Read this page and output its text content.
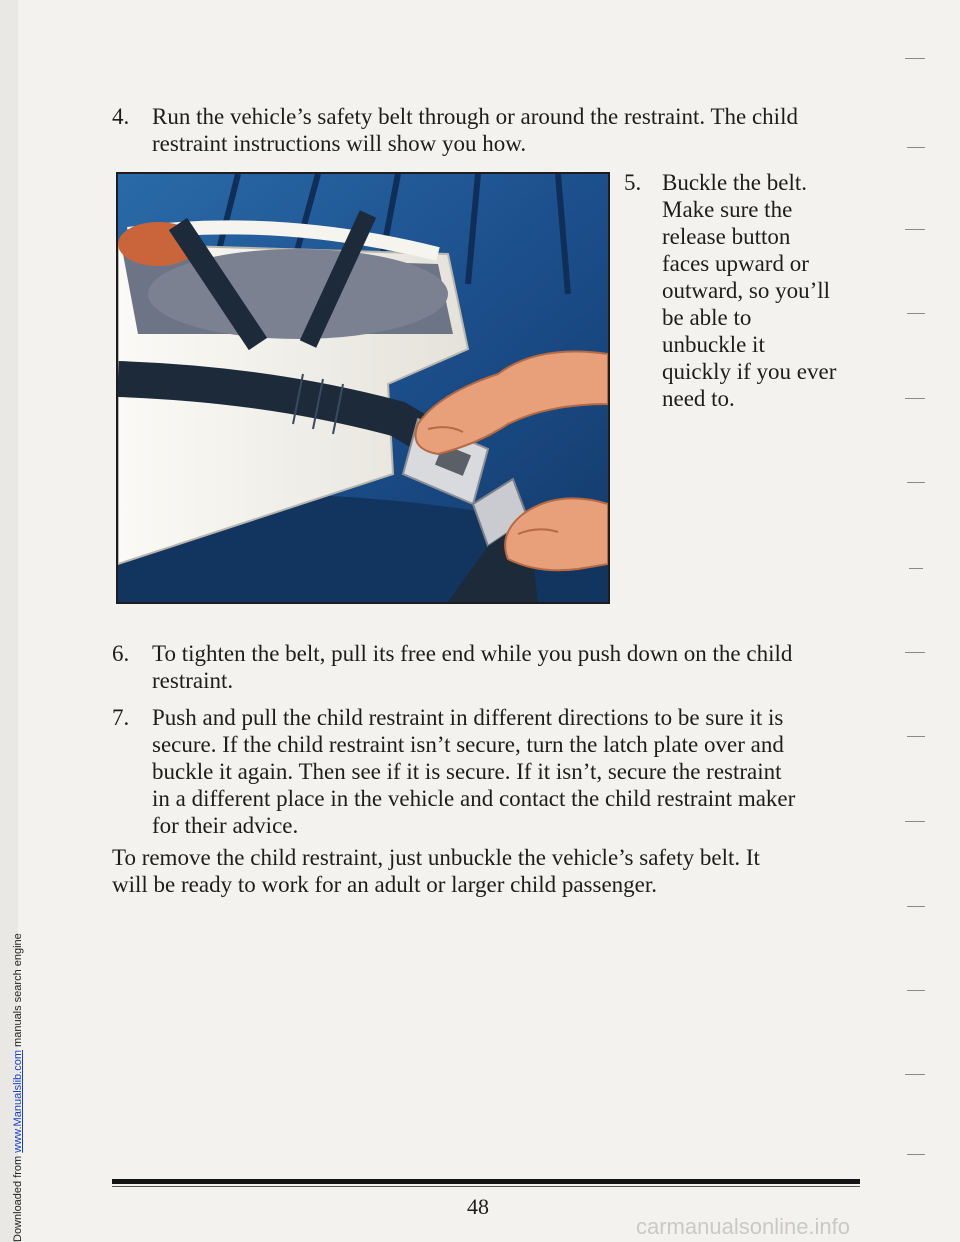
Downloaded from www.Manualslib.com manuals search engine
4. Run the vehicle’s safety belt through or around the restraint. The child
restraint instructions will show you how.
5. Buckle the belt.
Make sure the
release button
faces upward or
outward, so you’ll
be able to
unbuckle it
quickly if you ever
need to.
6. To tighten the belt, pull its free end while you push down on the child
restraint.
7. Push and pull the child restraint in different directions to be sure it is
secure. If the child restraint isn’t secure, turn the latch plate over and
buckle it again. Then see if it is secure. If it isn’t, secure the restraint
in a different place in the vehicle and contact the child restraint maker
for their advice.
To remove the child restraint, just unbuckle the vehicle’s safety belt. It
will be ready to work for an adult or larger child passenger.
48
carmanualsonline.info
